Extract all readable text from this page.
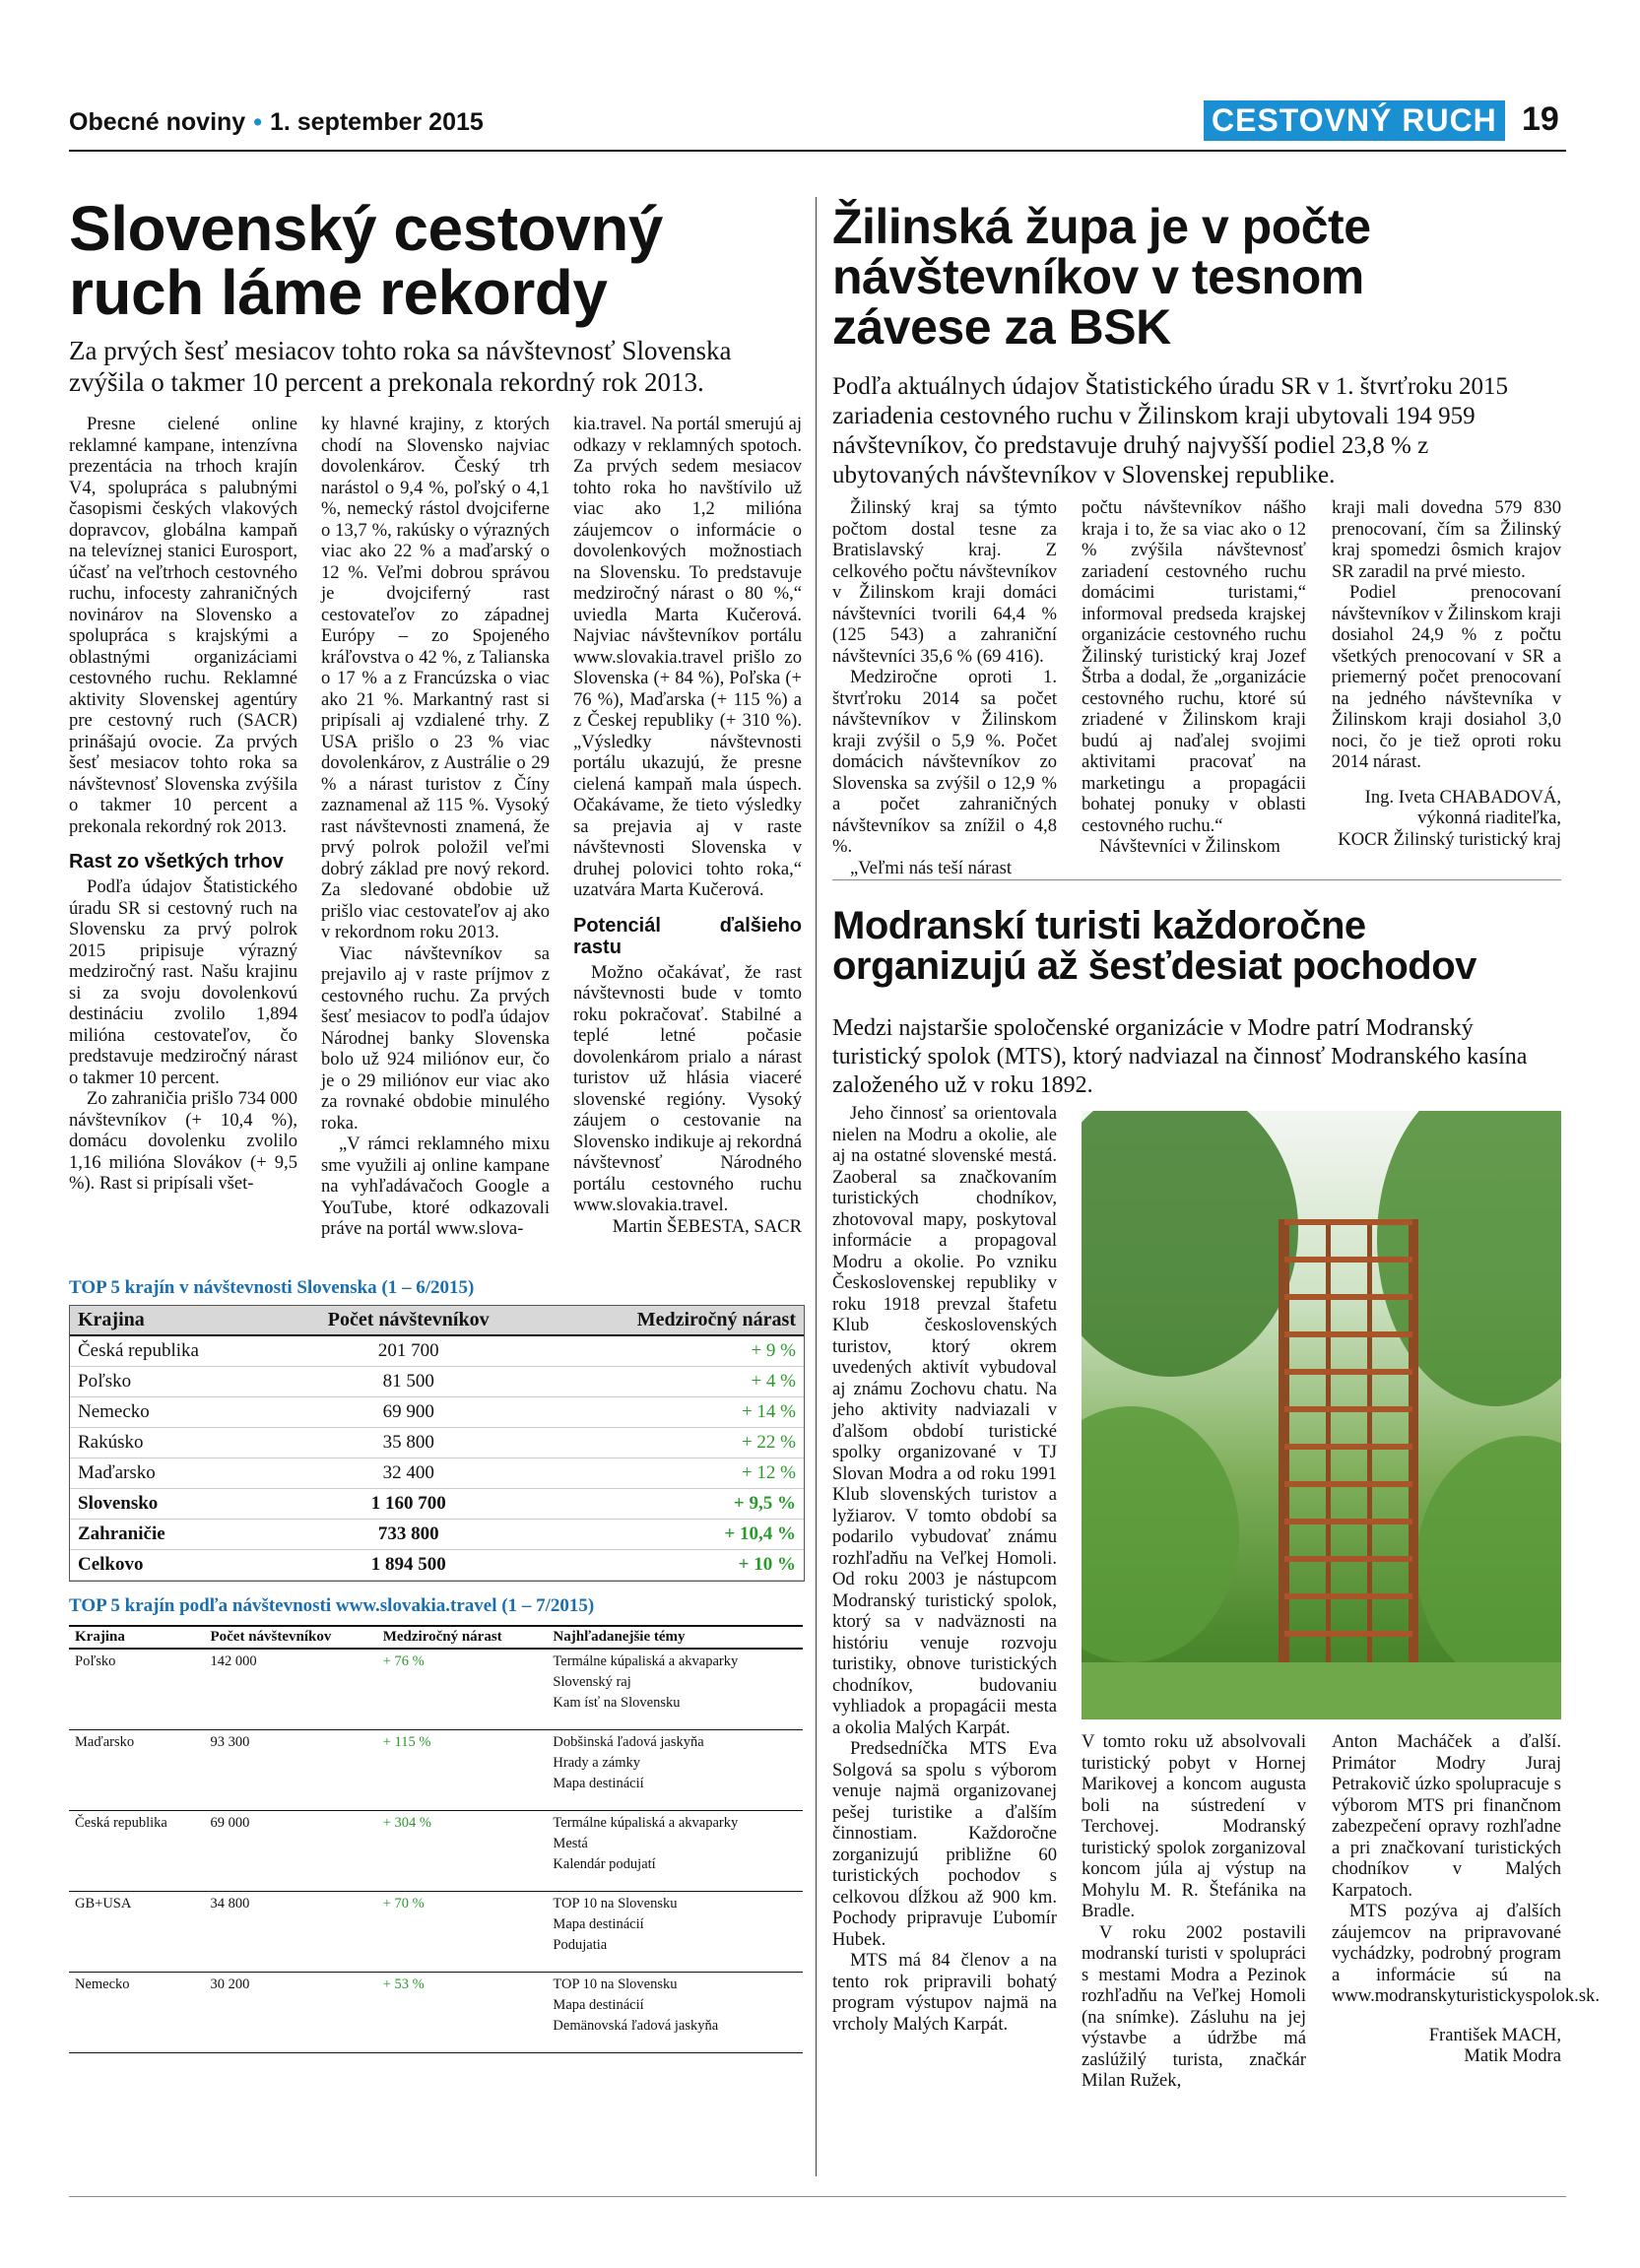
Obecné noviny • 1. september 2015	CESTOVNÝ RUCH 19
Slovenský cestovný
ruch láme rekordy
Za prvých šesť mesiacov tohto roka sa návštevnosť Slovenska zvýšila o takmer 10 percent a prekonala rekordný rok 2013.

Presne cielené online reklamné kampane, intenzívna prezentácia na trhoch krajín V4, spolupráca s palubnými časopismi českých vlakových dopravcov, globálna kampaň na televíznej stanici Eurosport, účasť na veľtrhoch cestovného ruchu, infocesty zahraničných novinárov na Slovensko a spolupráca s krajskými a oblastnými organizáciami cestovného ruchu. Reklamné aktivity Slovenskej agentúry pre cestovný ruch (SACR) prinášajú ovocie. Za prvých šesť mesiacov tohto roka sa návštevnosť Slovenska zvýšila o takmer 10 percent a prekonala rekordný rok 2013.

Rast zo všetkých trhov

Podľa údajov Štatistického úradu SR si cestovný ruch na Slovensku za prvý polrok 2015 pripisuje výrazný medziročný rast. Našu krajinu si za svoju dovolenkovú destináciu zvolilo 1,894 milióna cestovateľov, čo predstavuje medziročný nárast o takmer 10 percent.

Zo zahraničia prišlo 734 000 návštevníkov (+ 10,4 %), domácu dovolenku zvolilo 1,16 milióna Slovákov (+ 9,5 %). Rast si pripísali všet-

ky hlavné krajiny, z ktorých chodí na Slovensko najviac dovolenkárov. Český trh narástol o 9,4 %, poľský o 4,1 %, nemecký rástol dvojciferne o 13,7 %, rakúsky o výrazných viac ako 22 % a maďarský o 12 %. Veľmi dobrou správou je dvojciferný rast cestovateľov zo západnej Európy – zo Spojeného kráľovstva o 42 %, z Talianska o 17 % a z Francúzska o viac ako 21 %. Markantný rast si pripísali aj vzdialené trhy. Z USA prišlo o 23 % viac dovolenkárov, z Austrálie o 29 % a nárast turistov z Číny zaznamenal až 115 %. Vysoký rast návštevnosti znamená, že prvý polrok položil veľmi dobrý základ pre nový rekord. Za sledované obdobie už prišlo viac cestovateľov aj ako v rekordnom roku 2013.

Viac návštevníkov sa prejavilo aj v raste príjmov z cestovného ruchu. Za prvých šesť mesiacov to podľa údajov Národnej banky Slovenska bolo už 924 miliónov eur, čo je o 29 miliónov eur viac ako za rovnaké obdobie minulého roka.

„V rámci reklamného mixu sme využili aj online kampane na vyhľadávačoch Google a YouTube, ktoré odkazovali práve na portál www.slova-

kia.travel. Na portál smerujú aj odkazy v reklamných spotoch. Za prvých sedem mesiacov tohto roka ho navštívilo už viac ako 1,2 milióna záujemcov o informácie o dovolenkových možnostiach na Slovensku. To predstavuje medziročný nárast o 80 %,“ uviedla Marta Kučerová. Najviac návštevníkov portálu www.slovakia.travel prišlo zo Slovenska (+ 84 %), Poľska (+ 76 %), Maďarska (+ 115 %) a z Českej republiky (+ 310 %). „Výsledky návštevnosti portálu ukazujú, že presne cielená kampaň mala úspech. Očakávame, že tieto výsledky sa prejavia aj v raste návštevnosti Slovenska v druhej polovici tohto roka,“ uzatvára Marta Kučerová.

Potenciál ďalšieho rastu

Možno očakávať, že rast návštevnosti bude v tomto roku pokračovať. Stabilné a teplé letné počasie dovolenkárom prialo a nárast turistov už hlásia viaceré slovenské regióny. Vysoký záujem o cestovanie na Slovensko indikuje aj rekordná návštevnosť Národného portálu cestovného ruchu www.slovakia.travel.

Martin ŠEBESTA, SACR

TOP 5 krajín v návštevnosti Slovenska (1 – 6/2015)
Krajina	Počet návštevníkov	Medziročný nárast
Česká republika	201 700	+ 9 %
Poľsko	81 500	+ 4 %
Nemecko	69 900	+ 14 %
Rakúsko	35 800	+ 22 %
Maďarsko	32 400	+ 12 %
Slovensko	1 160 700	+ 9,5 %
Zahraničie	733 800	+ 10,4 %
Celkovo	1 894 500	+ 10 %
TOP 5 krajín podľa návštevnosti www.slovakia.travel (1 – 7/2015)
Krajina	Počet návštevníkov	Medziročný nárast	Najhľadanejšie témy
Poľsko	142 000	+ 76 %	Termálne kúpaliská a akvaparky
Slovenský raj
Kam ísť na Slovensku

Maďarsko	93 300	+ 115 %	Dobšinská ľadová jaskyňa
Hrady a zámky
Mapa destinácií

Česká republika	69 000	+ 304 %	Termálne kúpaliská a akvaparky
Mestá
Kalendár podujatí

GB+USA	34 800	+ 70 %	TOP 10 na Slovensku
Mapa destinácií
Podujatia

Nemecko	30 200	+ 53 %	TOP 10 na Slovensku
Mapa destinácií
Demänovská ľadová jaskyňa
Žilinská župa je v počte
návštevníkov v tesnom
závese za BSK
Podľa aktuálnych údajov Štatistického úradu SR v 1. štvrťroku 2015 zariadenia cestovného ruchu v Žilinskom kraji ubytovali 194 959 návštevníkov, čo predstavuje druhý najvyšší podiel 23,8 % z ubytovaných návštevníkov v Slovenskej republike.

Žilinský kraj sa týmto počtom dostal tesne za Bratislavský kraj. Z celkového počtu návštevníkov v Žilinskom kraji domáci návštevníci tvorili 64,4 % (125 543) a zahraniční návštevníci 35,6 % (69 416).

Medziročne oproti 1. štvrťroku 2014 sa počet návštevníkov v Žilinskom kraji zvýšil o 5,9 %. Počet domácich návštevníkov zo Slovenska sa zvýšil o 12,9 % a počet zahraničných návštevníkov sa znížil o 4,8 %.

„Veľmi nás teší nárast

počtu návštevníkov nášho kraja i to, že sa viac ako o 12 % zvýšila návštevnosť zariadení cestovného ruchu domácimi turistami,“ informoval predseda krajskej organizácie cestovného ruchu Žilinský turistický kraj Jozef Štrba a dodal, že „organizácie cestovného ruchu, ktoré sú zriadené v Žilinskom kraji budú aj naďalej svojimi aktivitami pracovať na marketingu a propagácii bohatej ponuky v oblasti cestovného ruchu.“

Návštevníci v Žilinskom

kraji mali dovedna 579 830 prenocovaní, čím sa Žilinský kraj spomedzi ôsmich krajov SR zaradil na prvé miesto.

Podiel prenocovaní návštevníkov v Žilinskom kraji dosiahol 24,9 % z počtu všetkých prenocovaní v SR a priemerný počet prenocovaní na jedného návštevníka v Žilinskom kraji dosiahol 3,0 noci, čo je tiež oproti roku 2014 nárast.

Ing. Iveta CHABADOVÁ,

výkonná riaditeľka,

KOCR Žilinský turistický kraj

Modranskí turisti každoročne
organizujú až šesťdesiat pochodov
Medzi najstaršie spoločenské organizácie v Modre patrí Modranský turistický spolok (MTS), ktorý nadviazal na činnosť Modranského kasína založeného už v roku 1892.

Jeho činnosť sa orientovala nielen na Modru a okolie, ale aj na ostatné slovenské mestá. Zaoberal sa značkovaním turistických chodníkov, zhotovoval mapy, poskytoval informácie a propagoval Modru a okolie. Po vzniku Československej republiky v roku 1918 prevzal štafetu Klub československých turistov, ktorý okrem uvedených aktivít vybudoval aj známu Zochovu chatu. Na jeho aktivity nadviazali v ďalšom období turistické spolky organizované v TJ Slovan Modra a od roku 1991 Klub slovenských turistov a lyžiarov. V tomto období sa podarilo vybudovať známu rozhľadňu na Veľkej Homoli. Od roku 2003 je nástupcom Modranský turistický spolok, ktorý sa v nadväznosti na históriu venuje rozvoju turistiky, obnove turistických chodníkov, budovaniu vyhliadok a propagácii mesta a okolia Malých Karpát.

Predsedníčka MTS Eva Solgová sa spolu s výborom venuje najmä organizovanej pešej turistike a ďalším činnostiam. Každoročne zorganizujú približne 60 turistických pochodov s celkovou dĺžkou až 900 km. Pochody pripravuje Ľubomír Hubek.

MTS má 84 členov a na tento rok pripravili bohatý program výstupov najmä na vrcholy Malých Karpát.

V tomto roku už absolvovali turistický pobyt v Hornej Marikovej a koncom augusta boli na sústredení v Terchovej. Modranský turistický spolok zorganizoval koncom júla aj výstup na Mohylu M. R. Štefánika na Bradle.

V roku 2002 postavili modranskí turisti v spolupráci s mestami Modra a Pezinok rozhľadňu na Veľkej Homoli (na snímke). Zásluhu na jej výstavbe a údržbe má zaslúžilý turista, značkár Milan Ružek,

Anton Macháček a ďalší. Primátor Modry Juraj Petrakovič úzko spolupracuje s výborom MTS pri finančnom zabezpečení opravy rozhľadne a pri značkovaní turistických chodníkov v Malých Karpatoch.

MTS pozýva aj ďalších záujemcov na pripravované vychádzky, podrobný program a informácie sú na www.modranskyturistickyspolok.sk.

František MACH,

Matik Modra
